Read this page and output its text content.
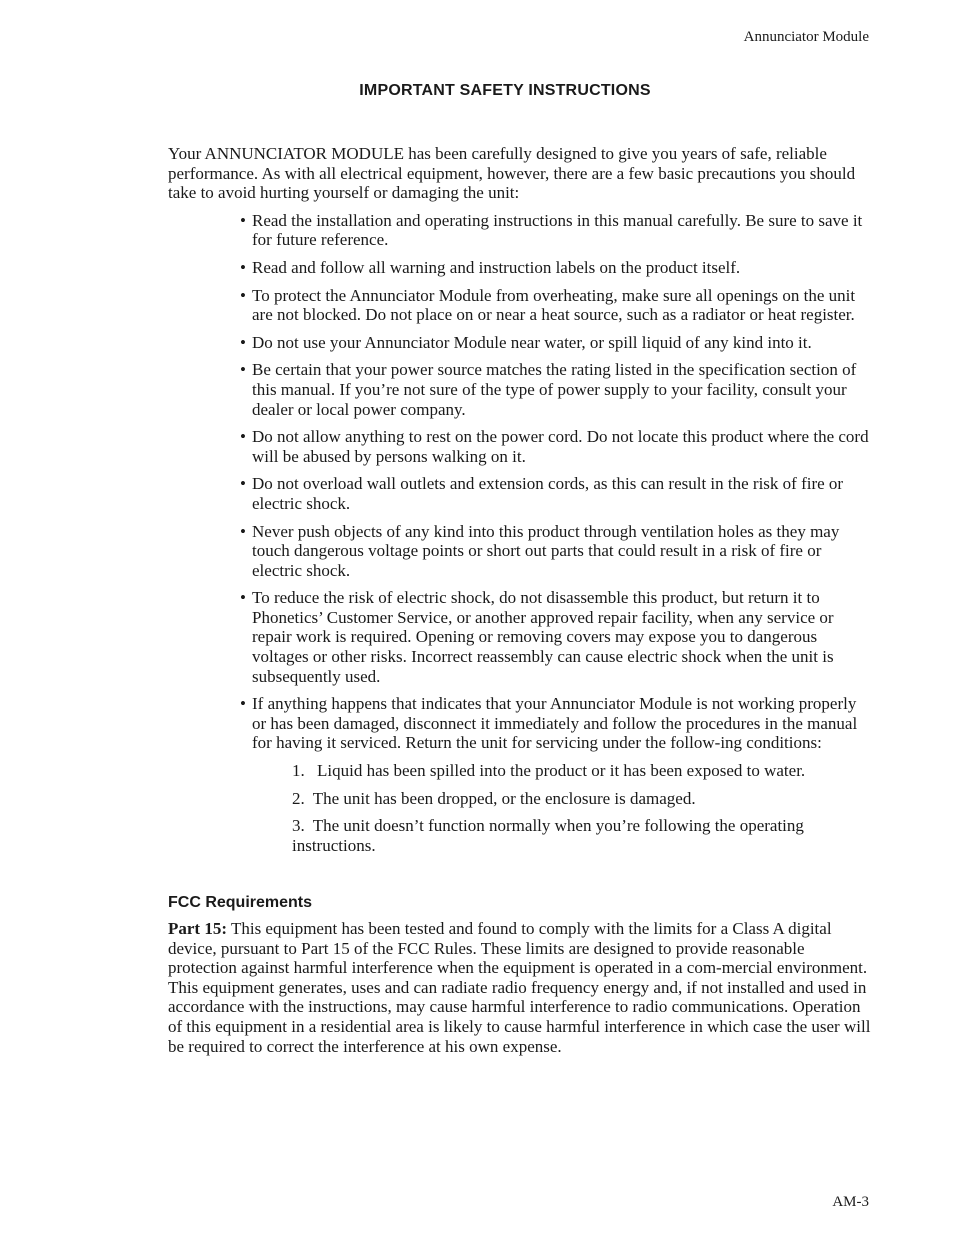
Annunciator Module
IMPORTANT SAFETY INSTRUCTIONS

Your ANNUNCIATOR MODULE has been carefully designed to give you years of safe, reliable performance. As with all electrical equipment, however, there are a few basic precautions you should take to avoid hurting yourself or damaging the unit:

• Read the installation and operating instructions in this manual carefully. Be sure to save it for future reference.
• Read and follow all warning and instruction labels on the product itself.
• To protect the Annunciator Module from overheating, make sure all openings on the unit are not blocked. Do not place on or near a heat source, such as a radiator or heat register.
• Do not use your Annunciator Module near water, or spill liquid of any kind into it.
• Be certain that your power source matches the rating listed in the specification section of this manual. If you’re not sure of the type of power supply to your facility, consult your dealer or local power company.
• Do not allow anything to rest on the power cord. Do not locate this product where the cord will be abused by persons walking on it.
• Do not overload wall outlets and extension cords, as this can result in the risk of fire or electric shock.
• Never push objects of any kind into this product through ventilation holes as they may touch dangerous voltage points or short out parts that could result in a risk of fire or electric shock.
• To reduce the risk of electric shock, do not disassemble this product, but return it to Phonetics’ Customer Service, or another approved repair facility, when any service or repair work is required. Opening or removing covers may expose you to dangerous voltages or other risks. Incorrect reassembly can cause electric shock when the unit is subsequently used.
• If anything happens that indicates that your Annunciator Module is not working properly or has been damaged, disconnect it immediately and follow the procedures in the manual for having it serviced. Return the unit for servicing under the follow-ing conditions:
1. Liquid has been spilled into the product or it has been exposed to water.
2. The unit has been dropped, or the enclosure is damaged.
3. The unit doesn’t function normally when you’re following the operating instructions.
FCC Requirements

Part 15: This equipment has been tested and found to comply with the limits for a Class A digital device, pursuant to Part 15 of the FCC Rules. These limits are designed to provide reasonable protection against harmful interference when the equipment is operated in a com-mercial environment. This equipment generates, uses and can radiate radio frequency energy and, if not installed and used in accordance with the instructions, may cause harmful interference to radio communications. Operation of this equipment in a residential area is likely to cause harmful interference in which case the user will be required to correct the interference at his own expense.

AM-3
